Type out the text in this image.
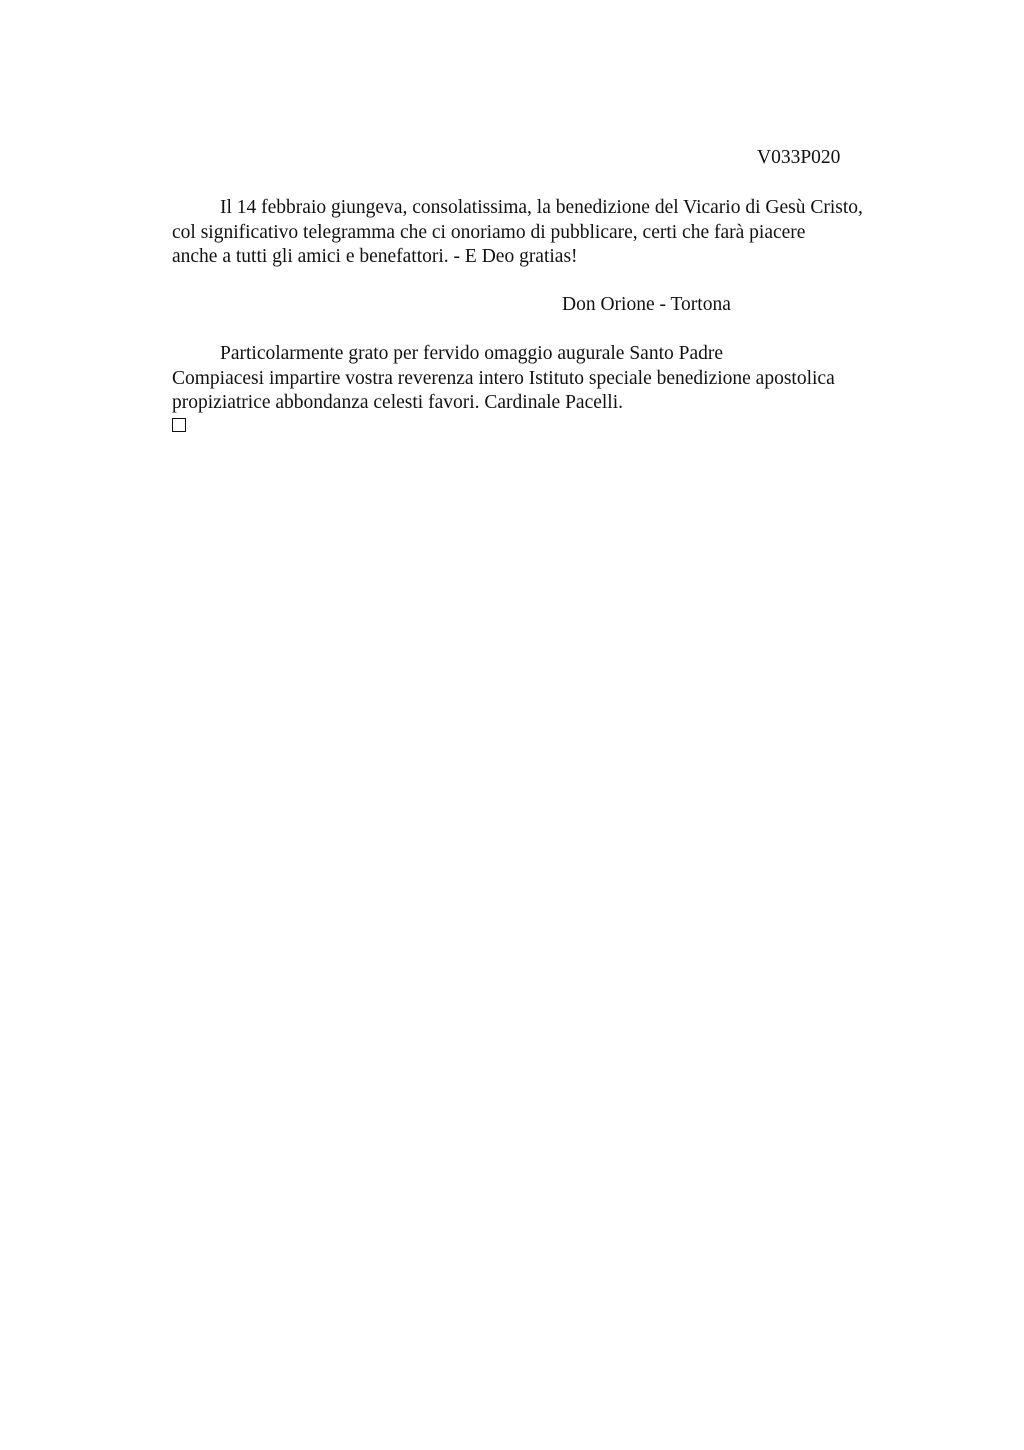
V033P020
Il 14 febbraio giungeva, consolatissima, la benedizione del Vicario di Gesù Cristo,
col significativo telegramma che ci onoriamo di pubblicare, certi che farà piacere
anche a tutti gli amici e benefattori. - E Deo gratias!
Don Orione - Tortona
Particolarmente grato per fervido omaggio augurale Santo Padre
Compiacesi impartire vostra reverenza intero Istituto speciale benedizione apostolica
propiziatrice abbondanza celesti favori. Cardinale Pacelli.
